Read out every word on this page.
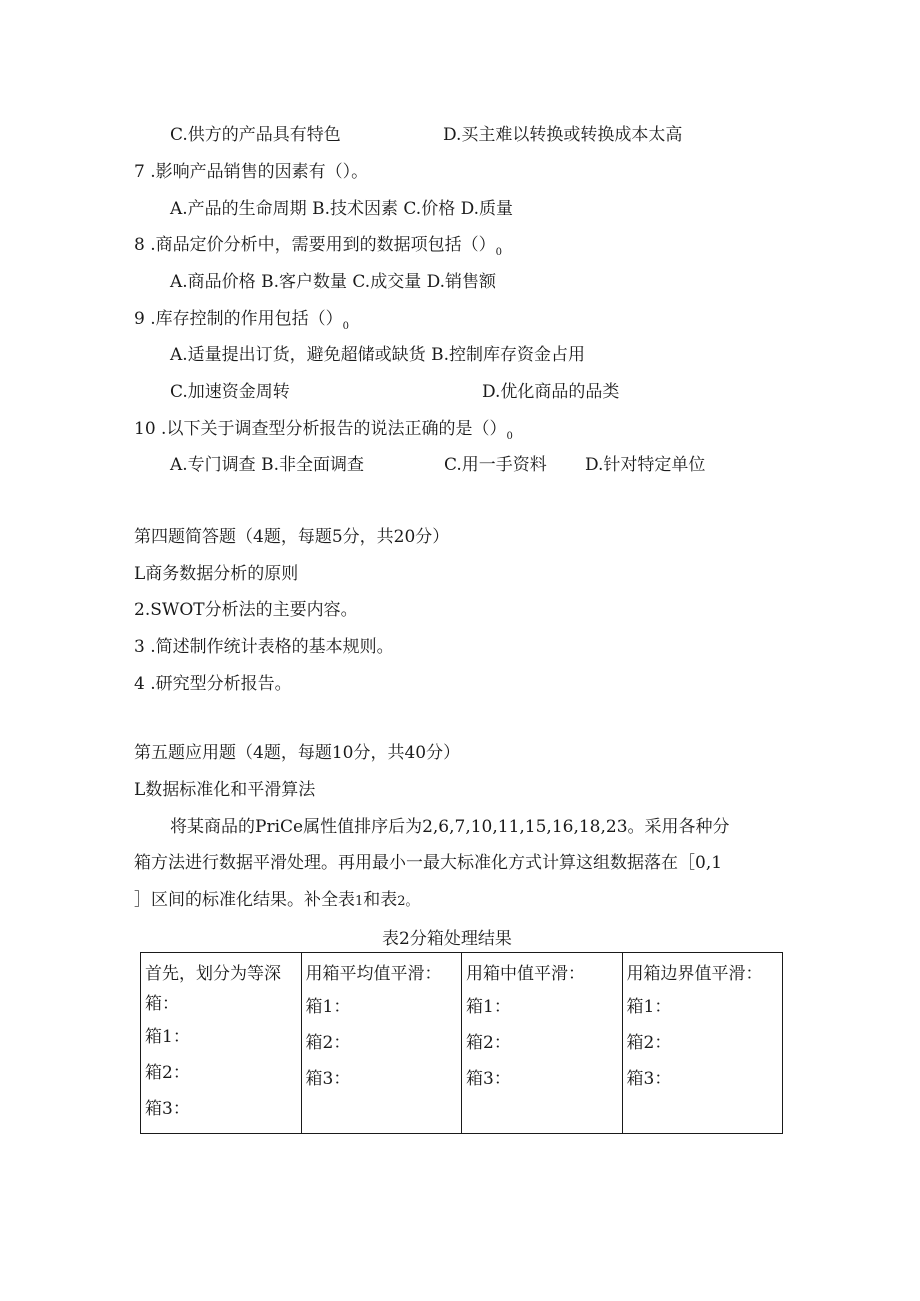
C.供方的产品具有特色	D.买主难以转换或转换成本太高
7 .影响产品销售的因素有（）。
A.产品的生命周期 B.技术因素 C.价格 D.质量
8 .商品定价分析中，需要用到的数据项包括$()_0$
A.商品价格 B.客户数量 C.成交量 D.销售额
9 .库存控制的作用包括$()_0$
A.适量提出订货，避免超储或缺货 B.控制库存资金占用
C.加速资金周转	D.优化商品的品类
10 .以下关于调查型分析报告的说法正确的是$()_0$
A.专门调查 B.非全面调查	C.用一手资料 D.针对特定单位
第四题简答题（4题，每题5分，共20分）
L商务数据分析的原则
2.SWOT分析法的主要内容。
3 .简述制作统计表格的基本规则。
4 .研究型分析报告。
第五题应用题（4题，每题10分，共40分）
L数据标准化和平滑算法
将某商品的PriCe属性值排序后为2,6,7,10,11,15,16,18,23。采用各种分
箱方法进行数据平滑处理。再用最小一最大标准化方式计算这组数据落在［0,1
］区间的标准化结果。补全表1和表2。
表2分箱处理结果
首先，划分为等深箱：
箱1：
箱2：
箱3：

用箱平均值平滑：
箱1：
箱2：
箱3：

用箱中值平滑：
箱1：
箱2：
箱3：

用箱边界值平滑：
箱1：
箱2：
箱3：
